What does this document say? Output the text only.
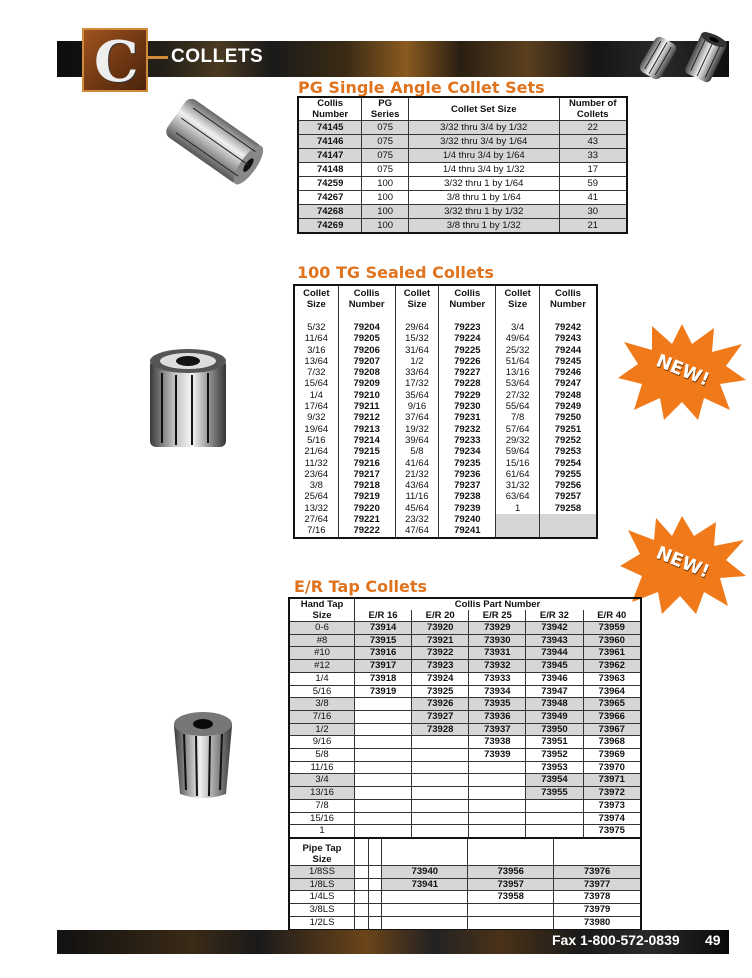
C COLLETS
PG Single Angle Collet Sets
Collis Number	PG Series	Collet Set Size	Number of Collets
74145	075	3/32 thru 3/4 by 1/32	22
74146	075	3/32 thru 3/4 by 1/64	43
74147	075	1/4 thru 3/4 by 1/64	33
74148	075	1/4 thru 3/4 by 1/32	17
74259	100	3/32 thru 1 by 1/64	59
74267	100	3/8 thru 1 by 1/64	41
74268	100	3/32 thru 1 by 1/32	30
74269	100	3/8 thru 1 by 1/32	21
100 TG Sealed Collets
Collet Size	Collis Number	Collet Size	Collis Number	Collet Size	Collis Number

5/32	79204	29/64	79223	3/4	79242
11/64	79205	15/32	79224	49/64	79243
3/16	79206	31/64	79225	25/32	79244
13/64	79207	1/2	79226	51/64	79245
7/32	79208	33/64	79227	13/16	79246
15/64	79209	17/32	79228	53/64	79247
1/4	79210	35/64	79229	27/32	79248
17/64	79211	9/16	79230	55/64	79249
9/32	79212	37/64	79231	7/8	79250
19/64	79213	19/32	79232	57/64	79251
5/16	79214	39/64	79233	29/32	79252
21/64	79215	5/8	79234	59/64	79253
11/32	79216	41/64	79235	15/16	79254
23/64	79217	21/32	79236	61/64	79255
3/8	79218	43/64	79237	31/32	79256
25/64	79219	11/16	79238	63/64	79257
13/32	79220	45/64	79239	1	79258
27/64	79221	23/32	79240		
7/16	79222	47/64	79241		
NEW!
NEW!
E/R Tap Collets
Hand Tap Size	Collis Part Number				
	E/R 16	E/R 20	E/R 25	E/R 32	E/R 40
0-6	73914	73920	73929	73942	73959
#8	73915	73921	73930	73943	73960
#10	73916	73922	73931	73944	73961
#12	73917	73923	73932	73945	73962
1/4	73918	73924	73933	73946	73963
5/16	73919	73925	73934	73947	73964
3/8		73926	73935	73948	73965
7/16		73927	73936	73949	73966
1/2		73928	73937	73950	73967
9/16			73938	73951	73968
5/8			73939	73952	73969
11/16				73953	73970
3/4				73954	73971
13/16				73955	73972
7/8					73973
15/16					73974
1					73975
Pipe Tap Size					
1/8SS			73940	73956	73976
1/8LS			73941	73957	73977
1/4LS				73958	73978
3/8LS					73979
1/2LS					73980
Fax 1-800-572-0839 49
